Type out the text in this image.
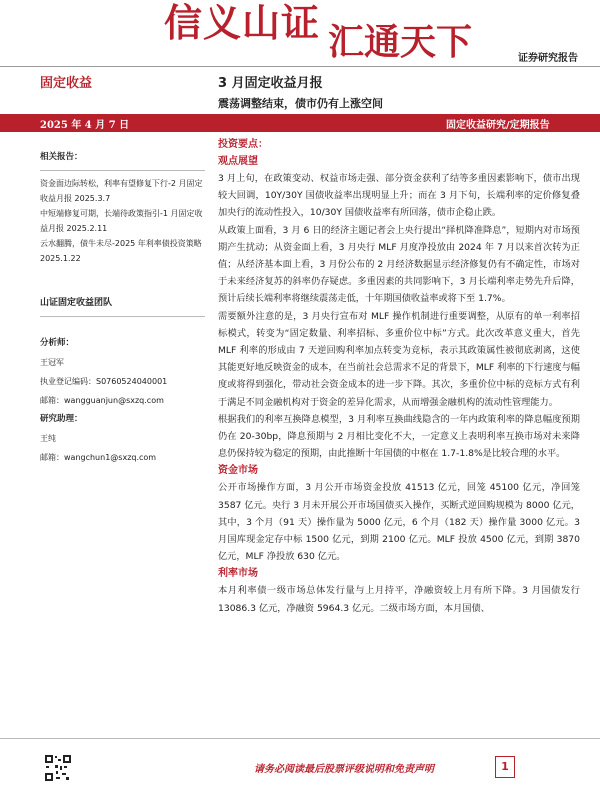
信义山证 汇通天下	证券研究报告
固定收益	3 月固定收益月报
震荡调整结束，债市仍有上涨空间
2025 年 4 月 7 日	固定收益研究/定期报告
相关报告：
资金面边际转松，利率有望修复下行-2 月固定收益月报 2025.3.7
中短端修复可期，长端待政策指引-1 月固定收益月报 2025.2.11
云水翻腾，债牛未尽-2025 年利率债投资策略 2025.1.22
山证固定收益团队
分析师：
王冠军
执业登记编码：S0760524040001
邮箱：wangguanjun@sxzq.com
研究助理：
王纯
邮箱：wangchun1@sxzq.com
投资要点：
观点展望

3 月上旬，在政策变动、权益市场走强、部分资金获利了结等多重因素影响下，债市出现较大回调，10Y/30Y 国债收益率出现明显上升；而在 3 月下旬，长端利率的定价修复叠加央行的流动性投入，10/30Y 国债收益率有所回落，债市企稳止跌。

从政策上面看，3 月 6 日的经济主题记者会上央行提出“择机降准降息”，短期内对市场预期产生扰动；从资金面上看，3 月央行 MLF 月度净投放由 2024 年 7 月以来首次转为正值；从经济基本面上看，3 月份公布的 2 月经济数据显示经济修复仍有不确定性，市场对于未来经济复苏的斜率仍存疑虑。多重因素的共同影响下，3 月长端利率走势先升后降，预计后续长端利率将继续震荡走低，十年期国债收益率或将下至 1.7%。

需要额外注意的是，3 月央行宣布对 MLF 操作机制进行重要调整，从原有的单一利率招标模式，转变为“固定数量、利率招标、多重价位中标”方式。此次改革意义重大，首先 MLF 利率的形成由 7 天逆回购利率加点转变为竞标，表示其政策属性被彻底剥离，这使其能更好地反映资金的成本，在当前社会总需求不足的背景下，MLF 利率的下行速度与幅度或将得到强化，带动社会资金成本的进一步下降。其次，多重价位中标的竞标方式有利于满足不同金融机构对于资金的差异化需求，从而增强金融机构的流动性管理能力。

根据我们的利率互换降息模型，3 月利率互换曲线隐含的一年内政策利率的降息幅度预期仍在 20-30bp，降息预期与 2 月相比变化不大，一定意义上表明利率互换市场对未来降息仍保持较为稳定的预期，由此推断十年国债的中枢在 1.7-1.8%是比较合理的水平。

资金市场

公开市场操作方面，3 月公开市场资金投放 41513 亿元，回笼 45100 亿元，净回笼 3587 亿元。央行 3 月未开展公开市场国债买入操作，买断式逆回购规模为 8000 亿元，其中，3 个月（91 天）操作量为 5000 亿元，6 个月（182 天）操作量 3000 亿元。3 月国库现金定存中标 1500 亿元，到期 2100 亿元。MLF 投放 4500 亿元，到期 3870 亿元，MLF 净投放 630 亿元。

利率市场

本月利率债一级市场总体发行量与上月持平，净融资较上月有所下降。3 月国债发行 13086.3 亿元，净融资 5964.3 亿元。二级市场方面，本月国债、

请务必阅读最后股票评级说明和免责声明	1
